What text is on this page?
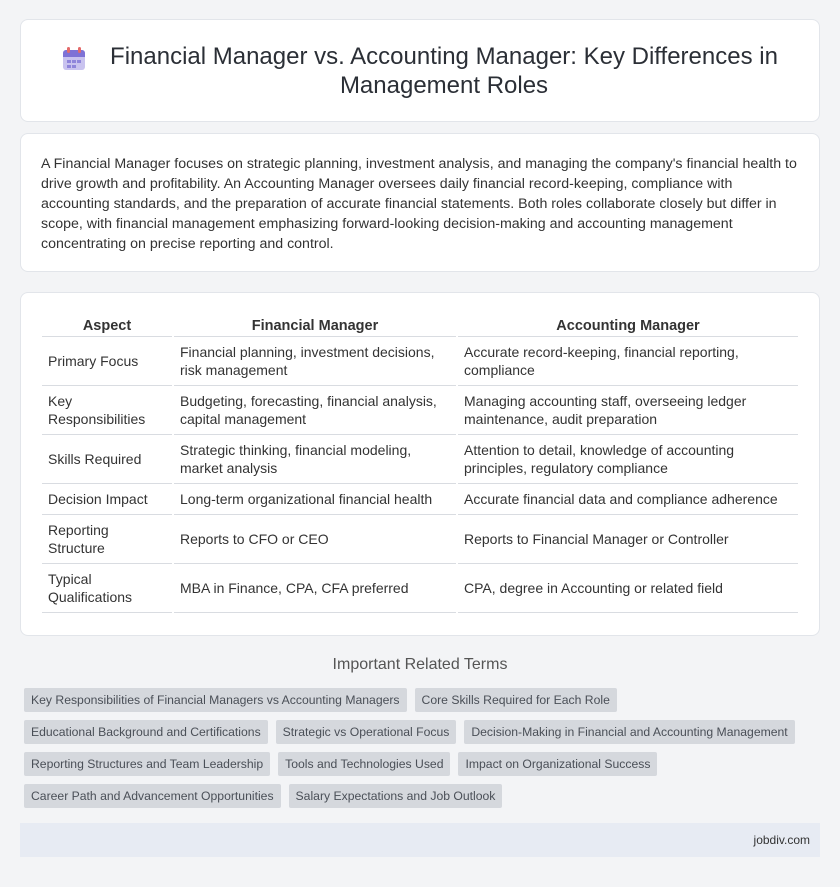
Financial Manager vs. Accounting Manager: Key Differences in Management Roles

A Financial Manager focuses on strategic planning, investment analysis, and managing the company's financial health to drive growth and profitability. An Accounting Manager oversees daily financial record-keeping, compliance with accounting standards, and the preparation of accurate financial statements. Both roles collaborate closely but differ in scope, with financial management emphasizing forward-looking decision-making and accounting management concentrating on precise reporting and control.

Aspect	Financial Manager	Accounting Manager
Primary Focus	Financial planning, investment decisions, risk management	Accurate record-keeping, financial reporting, compliance
Key Responsibilities	Budgeting, forecasting, financial analysis, capital management	Managing accounting staff, overseeing ledger maintenance, audit preparation
Skills Required	Strategic thinking, financial modeling, market analysis	Attention to detail, knowledge of accounting principles, regulatory compliance
Decision Impact	Long-term organizational financial health	Accurate financial data and compliance adherence
Reporting Structure	Reports to CFO or CEO	Reports to Financial Manager or Controller
Typical Qualifications	MBA in Finance, CPA, CFA preferred	CPA, degree in Accounting or related field
Important Related Terms
Key Responsibilities of Financial Managers vs Accounting Managers	Core Skills Required for Each Role
Educational Background and Certifications	Strategic vs Operational Focus	Decision-Making in Financial and Accounting Management
Reporting Structures and Team Leadership	Tools and Technologies Used	Impact on Organizational Success
Career Path and Advancement Opportunities	Salary Expectations and Job Outlook
jobdiv.com
